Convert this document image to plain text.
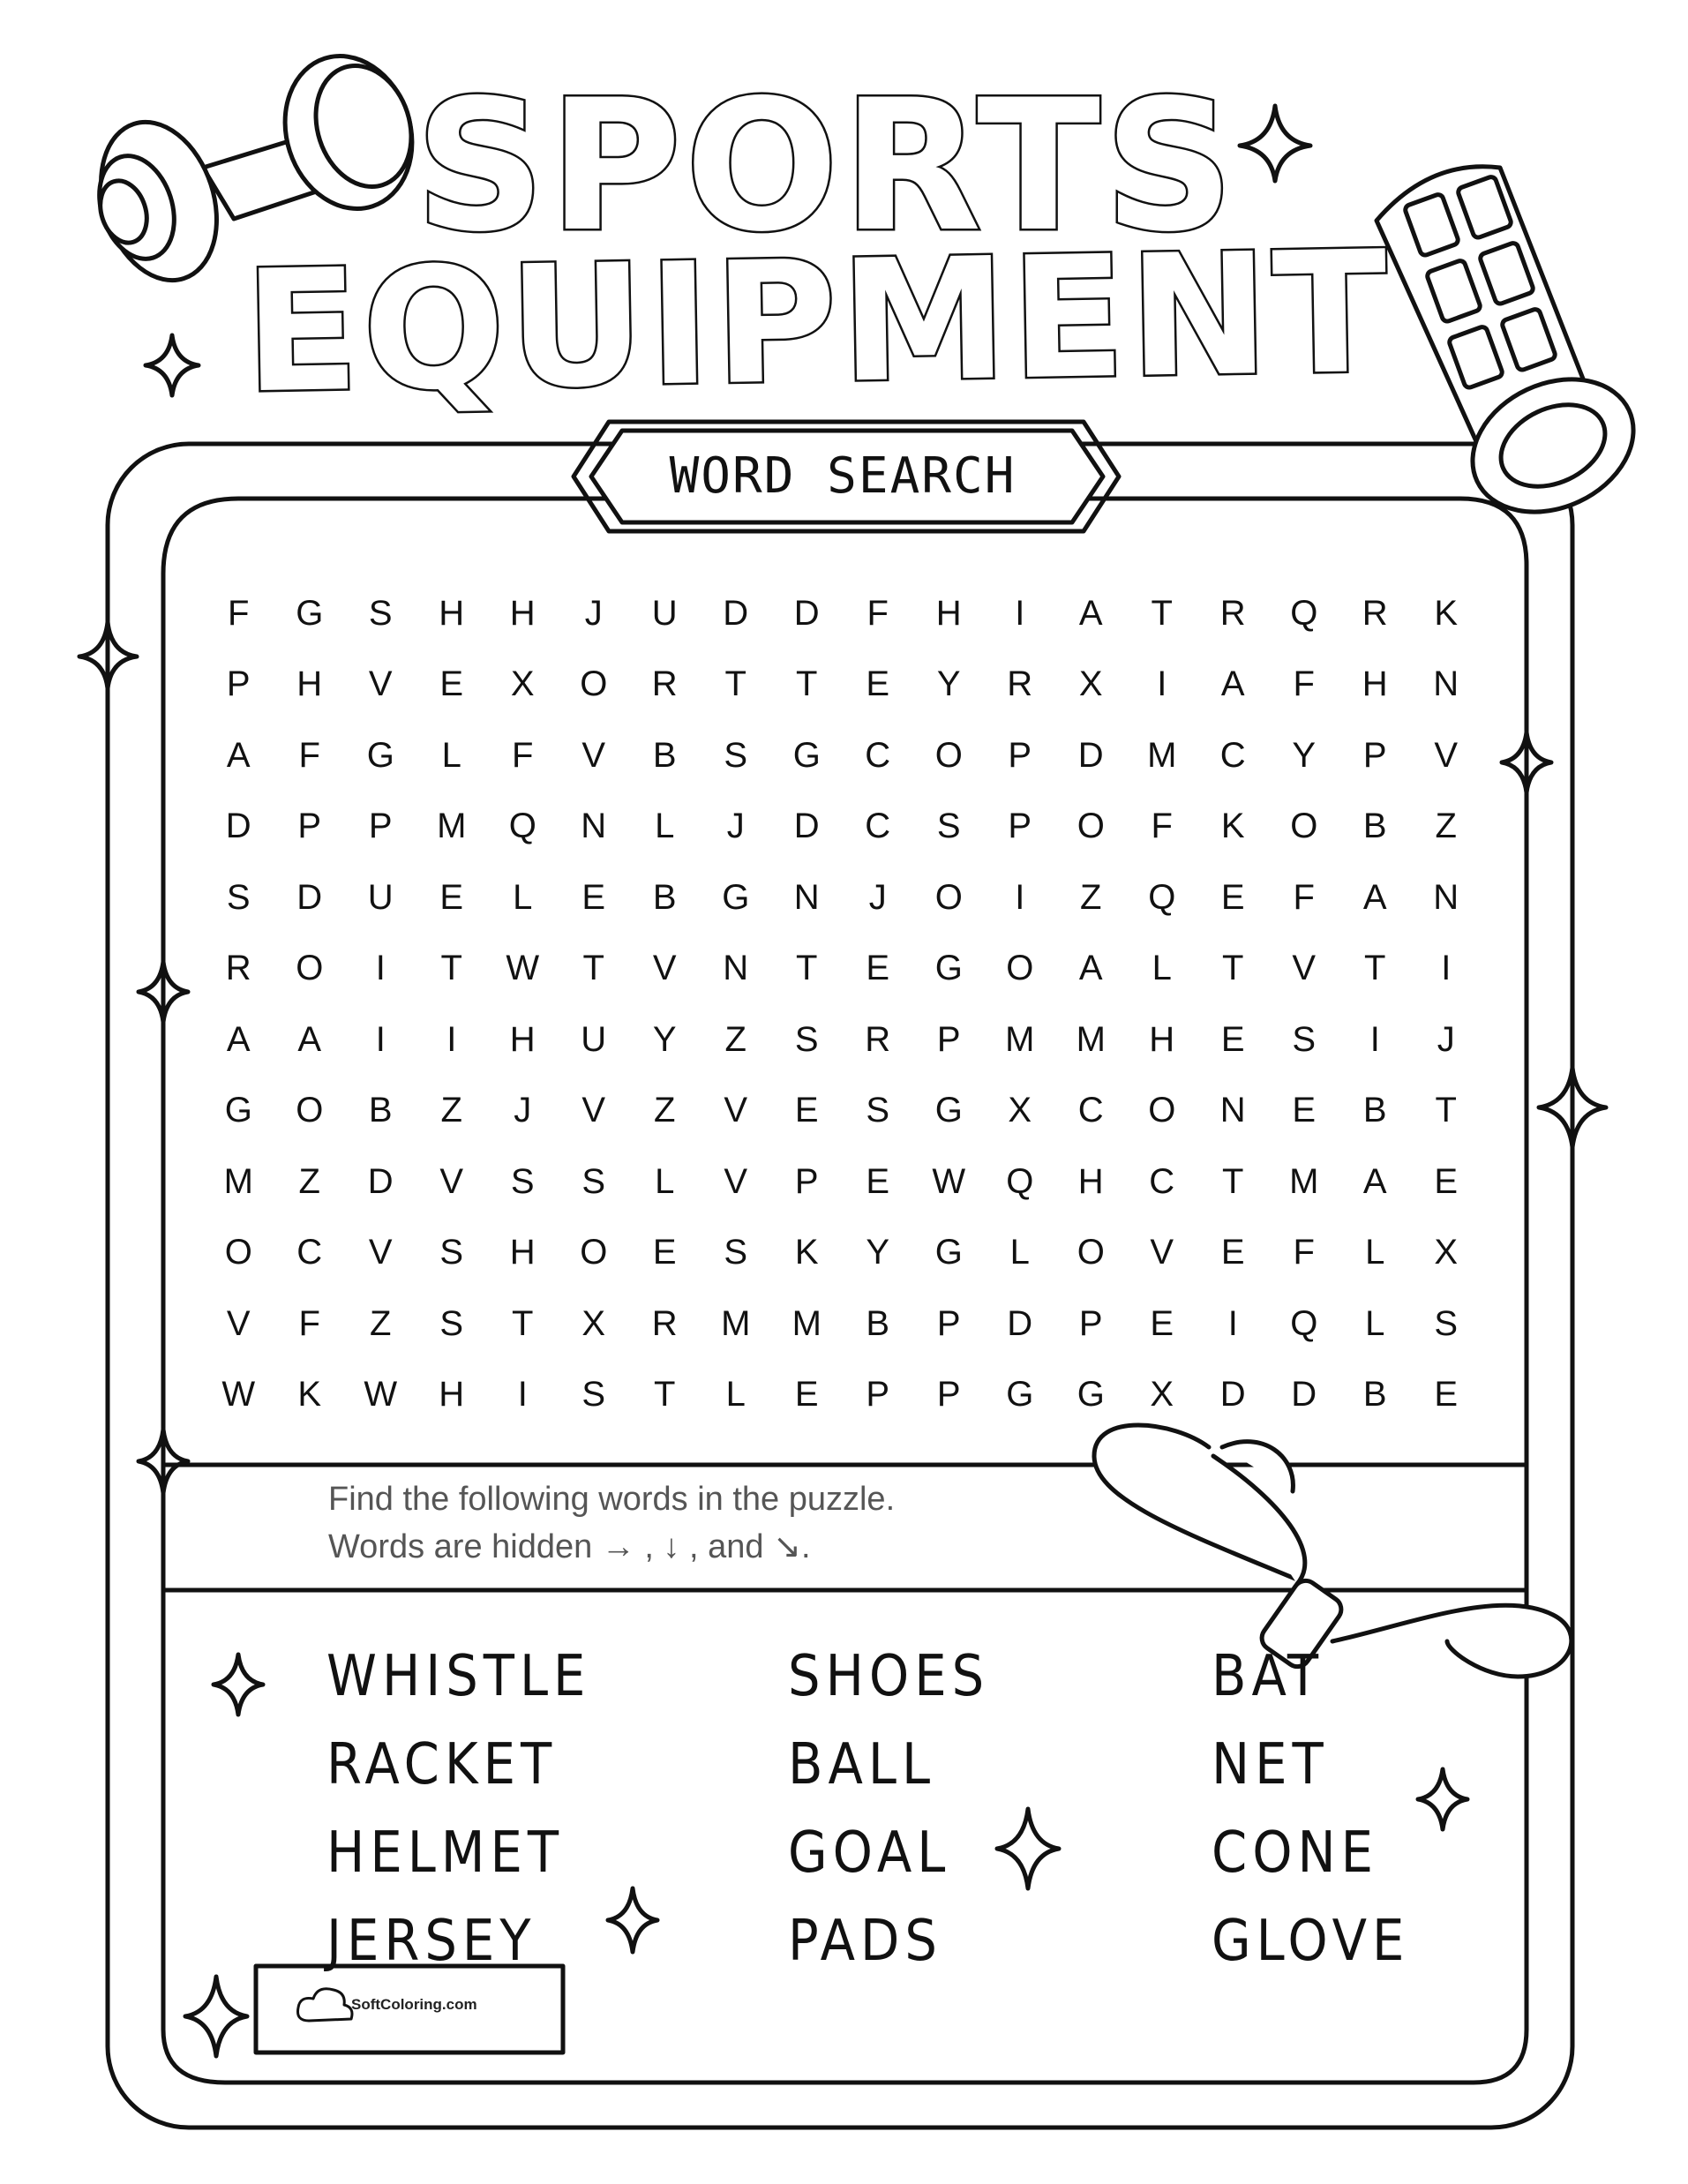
SPORTS
EQUIPMENT
WORD SEARCH
F	G	S	H	H	J	U	D	D	F	H	I	A	T	R	Q	R	K
P	H	V	E	X	O	R	T	T	E	Y	R	X	I	A	F	H	N
A	F	G	L	F	V	B	S	G	C	O	P	D	M	C	Y	P	V
D	P	P	M	Q	N	L	J	D	C	S	P	O	F	K	O	B	Z
S	D	U	E	L	E	B	G	N	J	O	I	Z	Q	E	F	A	N
R	O	I	T	W	T	V	N	T	E	G	O	A	L	T	V	T	I
A	A	I	I	H	U	Y	Z	S	R	P	M	M	H	E	S	I	J
G	O	B	Z	J	V	Z	V	E	S	G	X	C	O	N	E	B	T
M	Z	D	V	S	S	L	V	P	E	W	Q	H	C	T	M	A	E
O	C	V	S	H	O	E	S	K	Y	G	L	O	V	E	F	L	X
V	F	Z	S	T	X	R	M	M	B	P	D	P	E	I	Q	L	S
W	K	W	H	I	S	T	L	E	P	P	G	G	X	D	D	B	E
Find the following words in the puzzle.
Words are hidden → , ↓ , and ↘.
WHISTLE
RACKET
HELMET
JERSEY
SHOES
BALL
GOAL
PADS
BAT
NET
CONE
GLOVE
SoftColoring.com
